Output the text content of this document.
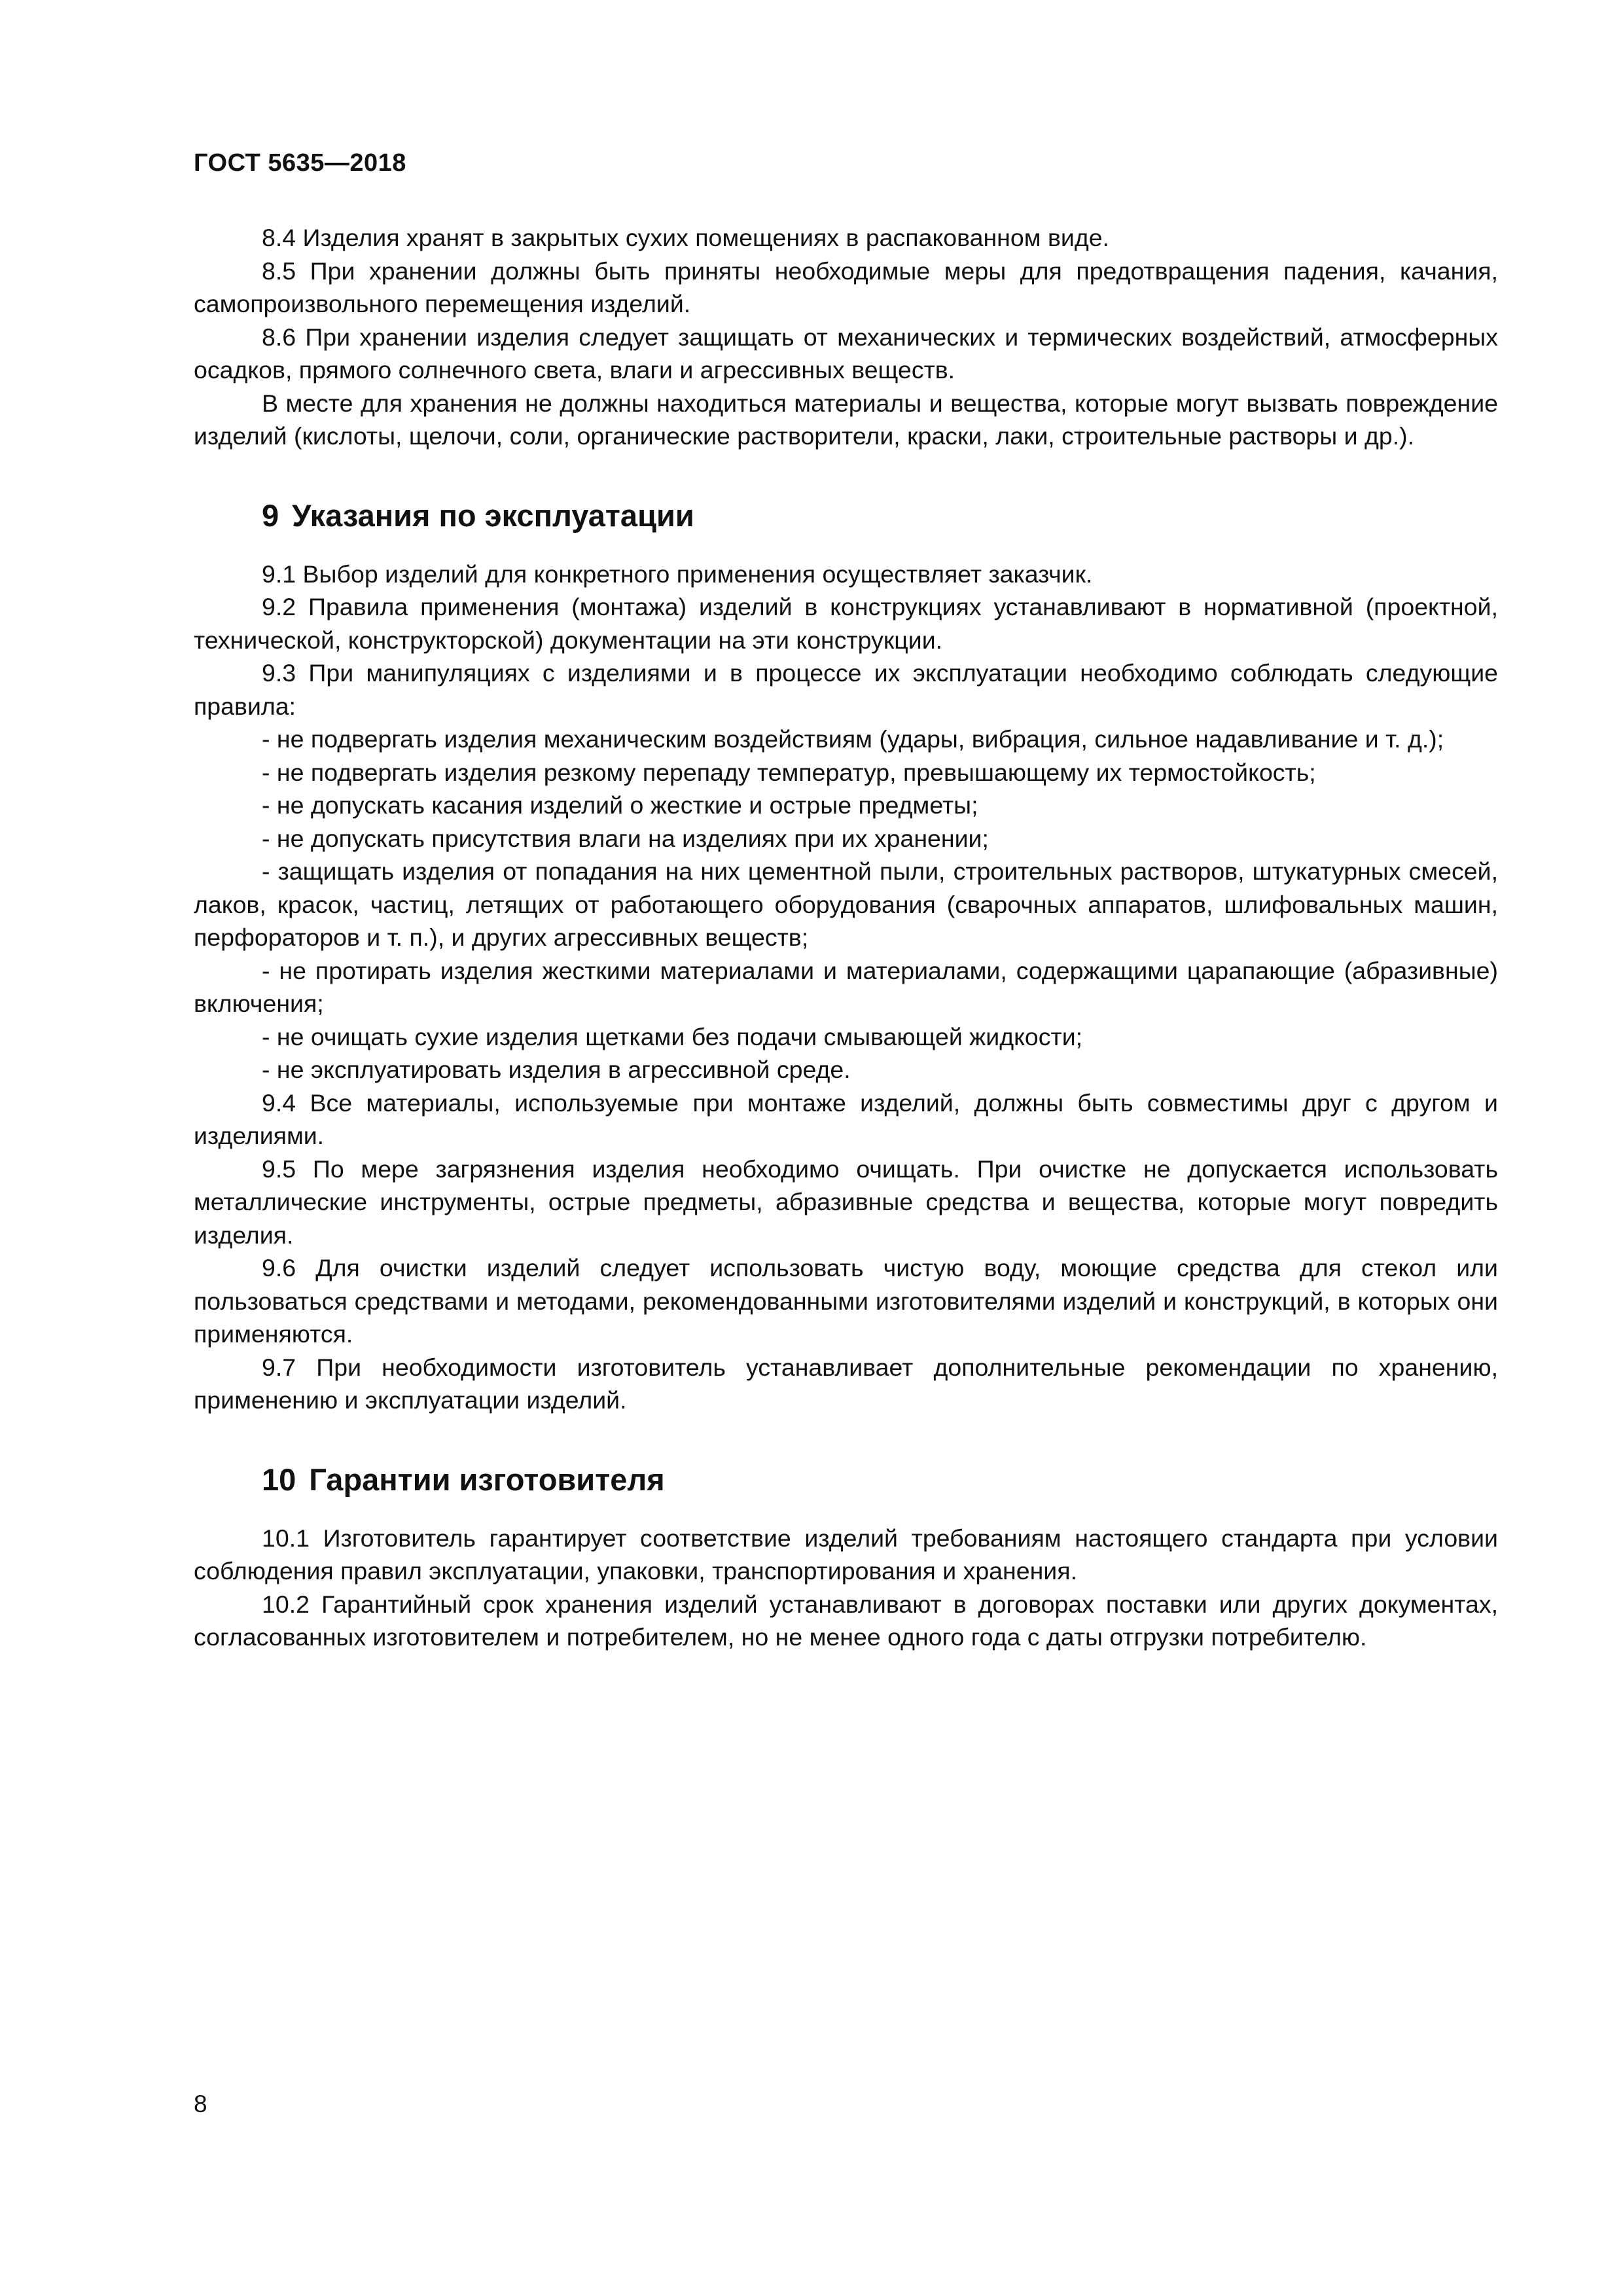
ГОСТ 5635—2018

8.4 Изделия хранят в закрытых сухих помещениях в распакованном виде.

8.5 При хранении должны быть приняты необходимые меры для предотвращения падения, качания, самопроизвольного перемещения изделий.

8.6 При хранении изделия следует защищать от механических и термических воздействий, атмосферных осадков, прямого солнечного света, влаги и агрессивных веществ.

В месте для хранения не должны находиться материалы и вещества, которые могут вызвать повреждение изделий (кислоты, щелочи, соли, органические растворители, краски, лаки, строительные растворы и др.).

9 Указания по эксплуатации

9.1 Выбор изделий для конкретного применения осуществляет заказчик.

9.2 Правила применения (монтажа) изделий в конструкциях устанавливают в нормативной (проектной, технической, конструкторской) документации на эти конструкции.

9.3 При манипуляциях с изделиями и в процессе их эксплуатации необходимо соблюдать следующие правила:

- не подвергать изделия механическим воздействиям (удары, вибрация, сильное надавливание и т. д.);

- не подвергать изделия резкому перепаду температур, превышающему их термостойкость;

- не допускать касания изделий о жесткие и острые предметы;

- не допускать присутствия влаги на изделиях при их хранении;

- защищать изделия от попадания на них цементной пыли, строительных растворов, штукатурных смесей, лаков, красок, частиц, летящих от работающего оборудования (сварочных аппаратов, шлифовальных машин, перфораторов и т. п.), и других агрессивных веществ;

- не протирать изделия жесткими материалами и материалами, содержащими царапающие (абразивные) включения;

- не очищать сухие изделия щетками без подачи смывающей жидкости;

- не эксплуатировать изделия в агрессивной среде.

9.4 Все материалы, используемые при монтаже изделий, должны быть совместимы друг с другом и изделиями.

9.5 По мере загрязнения изделия необходимо очищать. При очистке не допускается использовать металлические инструменты, острые предметы, абразивные средства и вещества, которые могут повредить изделия.

9.6 Для очистки изделий следует использовать чистую воду, моющие средства для стекол или пользоваться средствами и методами, рекомендованными изготовителями изделий и конструкций, в которых они применяются.

9.7 При необходимости изготовитель устанавливает дополнительные рекомендации по хранению, применению и эксплуатации изделий.

10 Гарантии изготовителя

10.1 Изготовитель гарантирует соответствие изделий требованиям настоящего стандарта при условии соблюдения правил эксплуатации, упаковки, транспортирования и хранения.

10.2 Гарантийный срок хранения изделий устанавливают в договорах поставки или других документах, согласованных изготовителем и потребителем, но не менее одного года с даты отгрузки потребителю.

8
